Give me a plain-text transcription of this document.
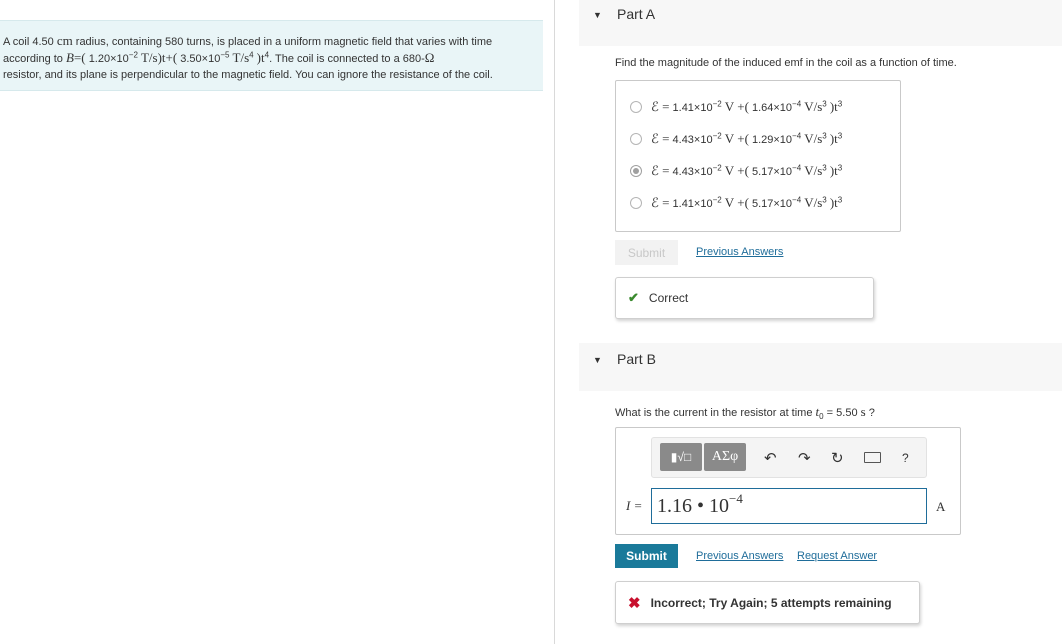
A coil 4.50 cm radius, containing 580 turns, is placed in a uniform magnetic field that varies with time
according to B=( $1.20\times 10^{-2}$ T/s)t+( $3.50\times 10^{-5}$ $T/s^4$ )$t^4$. The coil is connected to a 680-Ω
resistor, and its plane is perpendicular to the magnetic field. You can ignore the resistance of the coil.
▼ Part A
Find the magnitude of the induced emf in the coil as a function of time.
ℰ = $1.41\times 10^{-2}$ V +( $1.64\times 10^{-4}$ $V/s^3$ )$t^3$
ℰ = $4.43\times 10^{-2}$ V +( $1.29\times 10^{-4}$ $V/s^3$ )$t^3$
ℰ = $4.43\times 10^{-2}$ V +( $5.17\times 10^{-4}$ $V/s^3$ )$t^3$
ℰ = $1.41\times 10^{-2}$ V +( $5.17\times 10^{-4}$ $V/s^3$ )$t^3$
Submit	Previous Answers
✔ Correct
▼ Part B
What is the current in the resistor at time $t_0 = 5.50$ s ?
▮√□	ΑΣφ	↶ ↷ ↻	?
I = 1.16 • $10^{-4}$
A
Submit	Previous Answers Request Answer
✖ Incorrect; Try Again; 5 attempts remaining
